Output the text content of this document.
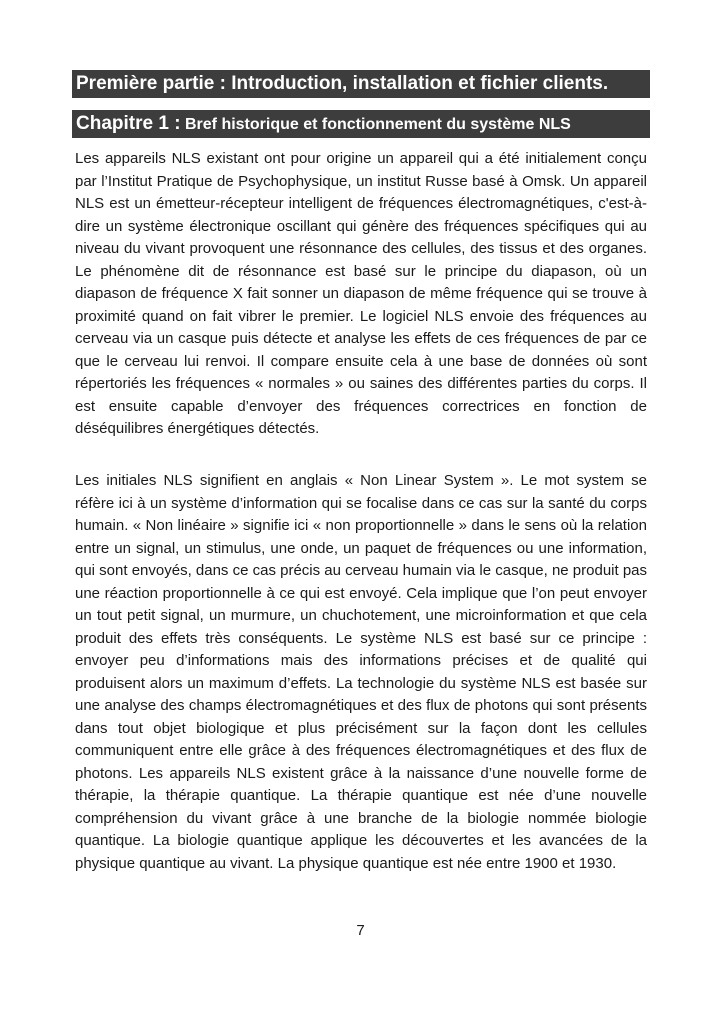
Première partie : Introduction, installation et fichier clients.
Chapitre 1 : Bref historique et fonctionnement du système NLS

Les appareils NLS existant ont pour origine un appareil qui a été initialement conçu par l’Institut Pratique de Psychophysique, un institut Russe basé à Omsk. Un appareil NLS est un émetteur-récepteur intelligent de fréquences électromagnétiques, c'est-à-dire un système électronique oscillant qui génère des fréquences spécifiques qui au niveau du vivant provoquent une résonnance des cellules, des tissus et des organes. Le phénomène dit de résonnance est basé sur le principe du diapason, où un diapason de fréquence X fait sonner un diapason de même fréquence qui se trouve à proximité quand on fait vibrer le premier. Le logiciel NLS envoie des fréquences au cerveau via un casque puis détecte et analyse les effets de ces fréquences de par ce que le cerveau lui renvoi. Il compare ensuite cela à une base de données où sont répertoriés les fréquences « normales » ou saines des différentes parties du corps. Il est ensuite capable d’envoyer des fréquences correctrices en fonction de déséquilibres énergétiques détectés.

Les initiales NLS signifient en anglais « Non Linear System ». Le mot system se réfère ici à un système d’information qui se focalise dans ce cas sur la santé du corps humain. « Non linéaire » signifie ici « non proportionnelle » dans le sens où la relation entre un signal, un stimulus, une onde, un paquet de fréquences ou une information, qui sont envoyés, dans ce cas précis au cerveau humain via le casque, ne produit pas une réaction proportionnelle à ce qui est envoyé. Cela implique que l’on peut envoyer un tout petit signal, un murmure, un chuchotement, une microinformation et que cela produit des effets très conséquents. Le système NLS est basé sur ce principe : envoyer peu d’informations mais des informations précises et de qualité qui produisent alors un maximum d’effets. La technologie du système NLS est basée sur une analyse des champs électromagnétiques et des flux de photons qui sont présents dans tout objet biologique et plus précisément sur la façon dont les cellules communiquent entre elle grâce à des fréquences électromagnétiques et des flux de photons. Les appareils NLS existent grâce à la naissance d’une nouvelle forme de thérapie, la thérapie quantique. La thérapie quantique est née d’une nouvelle compréhension du vivant grâce à une branche de la biologie nommée biologie quantique. La biologie quantique applique les découvertes et les avancées de la physique quantique au vivant. La physique quantique est née entre 1900 et 1930.

7
